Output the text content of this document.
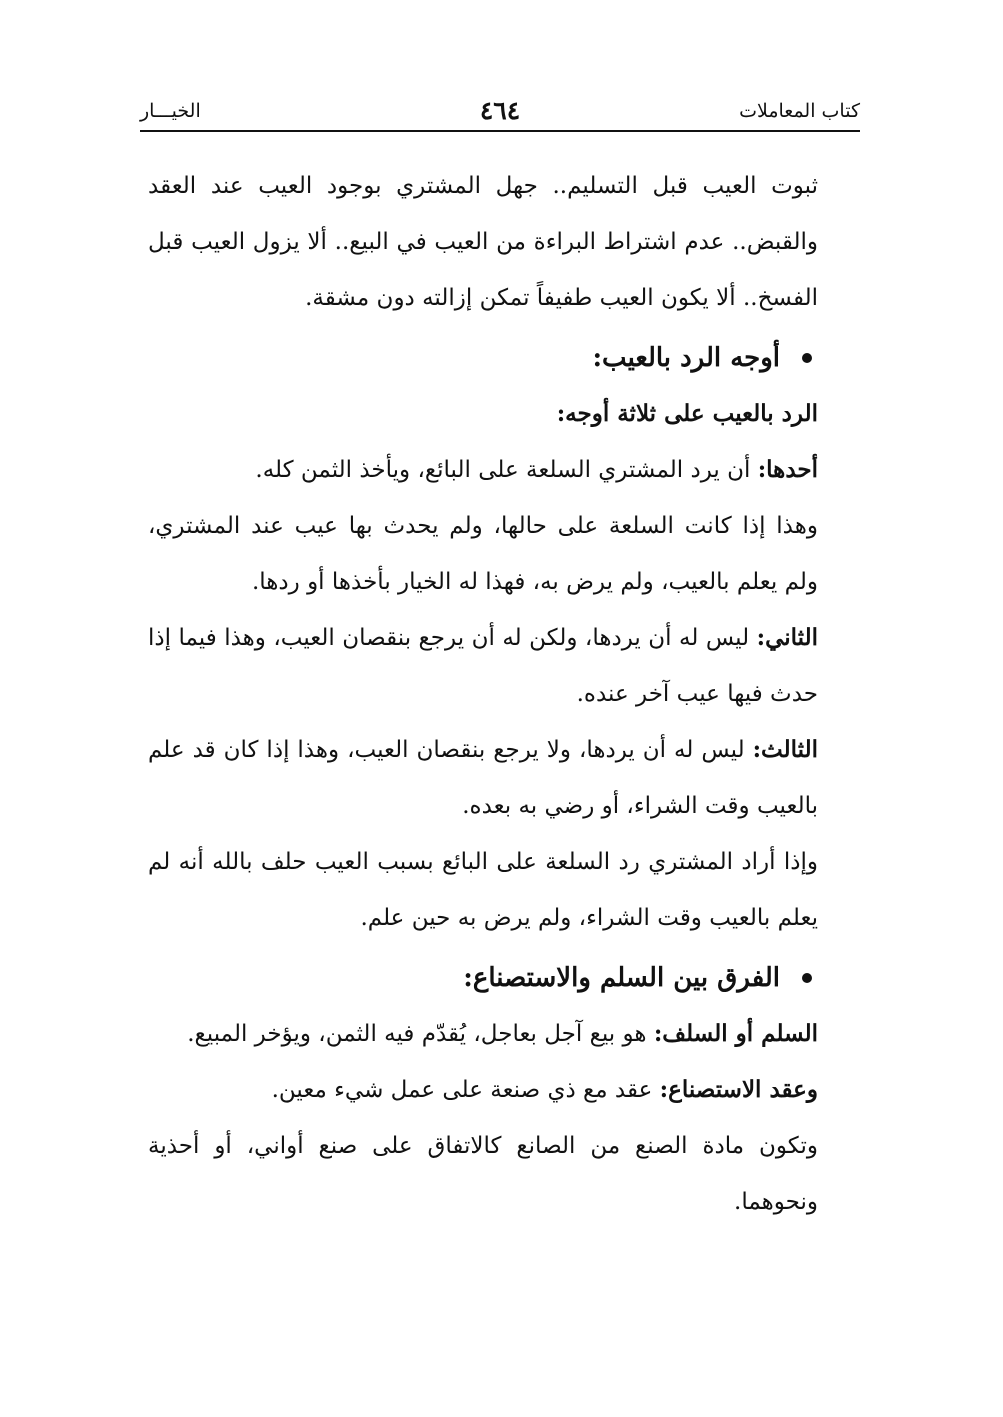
كتاب المعاملات
٤٦٤
الخيـــار

ثبوت العيب قبل التسليم.. جهل المشتري بوجود العيب عند العقد والقبض.. عدم اشتراط البراءة من العيب في البيع.. ألا يزول العيب قبل الفسخ.. ألا يكون العيب طفيفاً تمكن إزالته دون مشقة.

أوجه الرد بالعيب:

الرد بالعيب على ثلاثة أوجه:

أحدها: أن يرد المشتري السلعة على البائع، ويأخذ الثمن كله.

وهذا إذا كانت السلعة على حالها، ولم يحدث بها عيب عند المشتري، ولم يعلم بالعيب، ولم يرض به، فهذا له الخيار بأخذها أو ردها.

الثاني: ليس له أن يردها، ولكن له أن يرجع بنقصان العيب، وهذا فيما إذا حدث فيها عيب آخر عنده.

الثالث: ليس له أن يردها، ولا يرجع بنقصان العيب، وهذا إذا كان قد علم بالعيب وقت الشراء، أو رضي به بعده.

وإذا أراد المشتري رد السلعة على البائع بسبب العيب حلف بالله أنه لم يعلم بالعيب وقت الشراء، ولم يرض به حين علم.

الفرق بين السلم والاستصناع:

السلم أو السلف: هو بيع آجل بعاجل، يُقدّم فيه الثمن، ويؤخر المبيع.

وعقد الاستصناع: عقد مع ذي صنعة على عمل شيء معين.

وتكون مادة الصنع من الصانع كالاتفاق على صنع أواني، أو أحذية ونحوهما.
